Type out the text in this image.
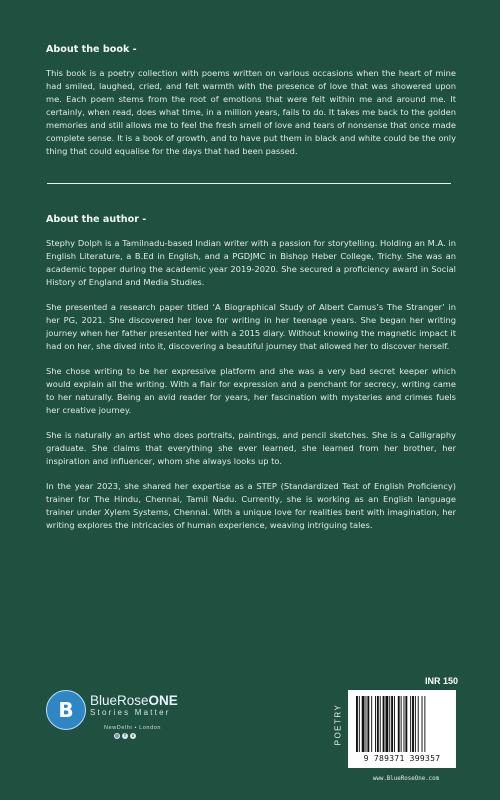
About the book -

This book is a poetry collection with poems written on various occasions when the heart of mine had smiled, laughed, cried, and felt warmth with the presence of love that was showered upon me. Each poem stems from the root of emotions that were felt within me and around me. It certainly, when read, does what time, in a million years, fails to do. It takes me back to the golden memories and still allows me to feel the fresh smell of love and tears of nonsense that once made complete sense. It is a book of growth, and to have put them in black and white could be the only thing that could equalise for the days that had been passed.

About the author -

Stephy Dolph is a Tamilnadu-based Indian writer with a passion for storytelling. Holding an M.A. in English Literature, a B.Ed in English, and a PGDJMC in Bishop Heber College, Trichy. She was an academic topper during the academic year 2019-2020. She secured a proficiency award in Social History of England and Media Studies.

She presented a research paper titled ‘A Biographical Study of Albert Camus’s The Stranger’ in her PG, 2021. She discovered her love for writing in her teenage years. She began her writing journey when her father presented her with a 2015 diary. Without knowing the magnetic impact it had on her, she dived into it, discovering a beautiful journey that allowed her to discover herself.

She chose writing to be her expressive platform and she was a very bad secret keeper which would explain all the writing. With a flair for expression and a penchant for secrecy, writing came to her naturally. Being an avid reader for years, her fascination with mysteries and crimes fuels her creative journey.

She is naturally an artist who does portraits, paintings, and pencil sketches. She is a Calligraphy graduate. She claims that everything she ever learned, she learned from her brother, her inspiration and influencer, whom she always looks up to.

In the year 2023, she shared her expertise as a STEP (Standardized Test of English Proficiency) trainer for The Hindu, Chennai, Tamil Nadu. Currently, she is working as an English language trainer under Xylem Systems, Chennai. With a unique love for realities bent with imagination, her writing explores the intricacies of human experience, weaving intriguing tales.

B	BlueRoseONE
Stories Matter
NewDelhi • London
◎	f	x	POETRY
INR 150
9 789371 399357
www.BlueRoseOne.com
